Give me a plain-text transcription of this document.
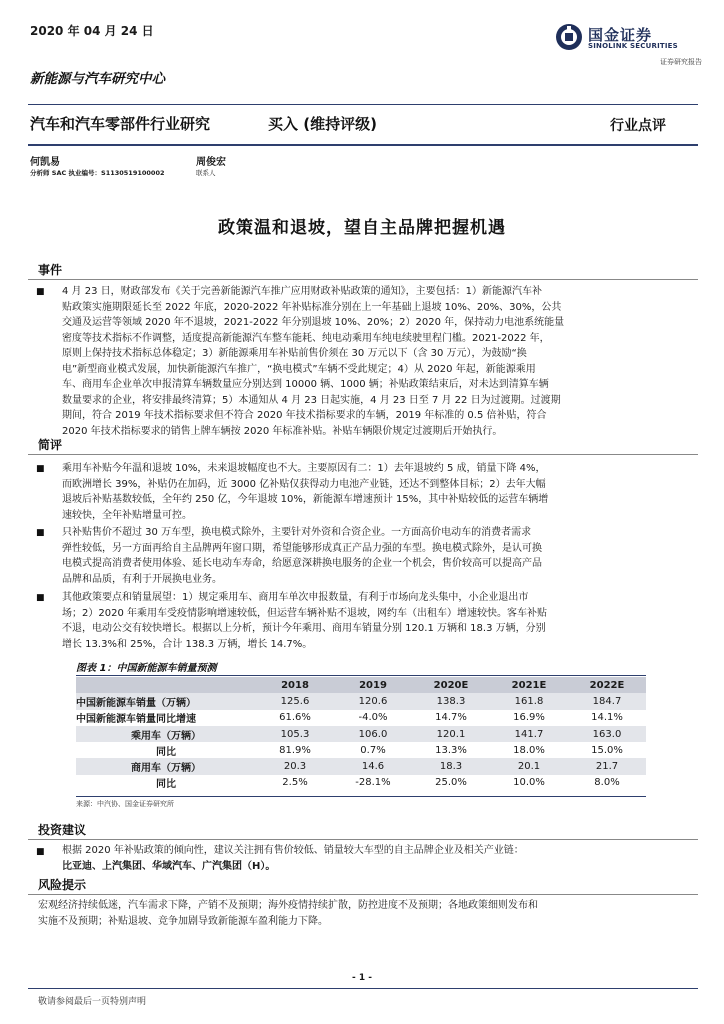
2020 年 04 月 24 日	国金证券
SINOLINK SECURITIES
证券研究报告
新能源与汽车研究中心
汽车和汽车零部件行业研究	买入 (维持评级)	行业点评
何凯易
分析师 SAC 执业编号：S1130519100002
周俊宏
联系人
政策温和退坡，望自主品牌把握机遇
事件
■ 4 月 23 日，财政部发布《关于完善新能源汽车推广应用财政补贴政策的通知》，主要包括：1）新能源汽车补
贴政策实施期限延长至 2022 年底，2020-2022 年补贴标准分别在上一年基础上退坡 10%、20%、30%，公共
交通及运营等领域 2020 年不退坡，2021-2022 年分别退坡 10%、20%；2）2020 年，保持动力电池系统能量
密度等技术指标不作调整，适度提高新能源汽车整车能耗、纯电动乘用车纯电续驶里程门槛。2021-2022 年，
原则上保持技术指标总体稳定；3）新能源乘用车补贴前售价须在 30 万元以下（含 30 万元），为鼓励“换
电”新型商业模式发展，加快新能源汽车推广，“换电模式”车辆不受此规定；4）从 2020 年起，新能源乘用
车、商用车企业单次申报清算车辆数量应分别达到 10000 辆、1000 辆；补贴政策结束后，对未达到清算车辆
数量要求的企业，将安排最终清算；5）本通知从 4 月 23 日起实施，4 月 23 日至 7 月 22 日为过渡期。过渡期
期间，符合 2019 年技术指标要求但不符合 2020 年技术指标要求的车辆，2019 年标准的 0.5 倍补贴，符合
2020 年技术指标要求的销售上牌车辆按 2020 年标准补贴。补贴车辆限价规定过渡期后开始执行。
简评
■ 乘用车补贴今年温和退坡 10%，未来退坡幅度也不大。主要原因有二：1）去年退坡约 5 成，销量下降 4%，
而欧洲增长 39%，补贴仍在加码，近 3000 亿补贴仅获得动力电池产业链，还达不到整体目标；2）去年大幅
退坡后补贴基数较低，全年约 250 亿，今年退坡 10%，新能源车增速预计 15%，其中补贴较低的运营车辆增
速较快，全年补贴增量可控。
■ 只补贴售价不超过 30 万车型，换电模式除外，主要针对外资和合资企业。一方面高价电动车的消费者需求
弹性较低，另一方面再给自主品牌两年窗口期，希望能够形成真正产品力强的车型。换电模式除外，是认可换
电模式提高消费者使用体验、延长电动车寿命，给愿意深耕换电服务的企业一个机会，售价较高可以提高产品
品牌和品质，有利于开展换电业务。
■ 其他政策要点和销量展望：1）规定乘用车、商用车单次申报数量，有利于市场向龙头集中，小企业退出市
场；2）2020 年乘用车受疫情影响增速较低，但运营车辆补贴不退坡，网约车（出租车）增速较快。客车补贴
不退，电动公交有较快增长。根据以上分析，预计今年乘用、商用车销量分别 120.1 万辆和 18.3 万辆，分别
增长 13.3%和 25%，合计 138.3 万辆，增长 14.7%。
图表 1：中国新能源车销量预测
	2018	2019	2020E	2021E	2022E
中国新能源车销量（万辆）	125.6	120.6	138.3	161.8	184.7
中国新能源车销量同比增速	61.6%	-4.0%	14.7%	16.9%	14.1%
乘用车（万辆）	105.3	106.0	120.1	141.7	163.0
同比	81.9%	0.7%	13.3%	18.0%	15.0%
商用车（万辆）	20.3	14.6	18.3	20.1	21.7
同比	2.5%	-28.1%	25.0%	10.0%	8.0%
来源：中汽协、国金证券研究所
投资建议
■ 根据 2020 年补贴政策的倾向性，建议关注拥有售价较低、销量较大车型的自主品牌企业及相关产业链：
比亚迪、上汽集团、华域汽车、广汽集团（H）。
风险提示
宏观经济持续低迷，汽车需求下降，产销不及预期；海外疫情持续扩散，防控进度不及预期；各地政策细则发布和
实施不及预期；补贴退坡、竞争加剧导致新能源车盈利能力下降。
- 1 -
敬请参阅最后一页特别声明
